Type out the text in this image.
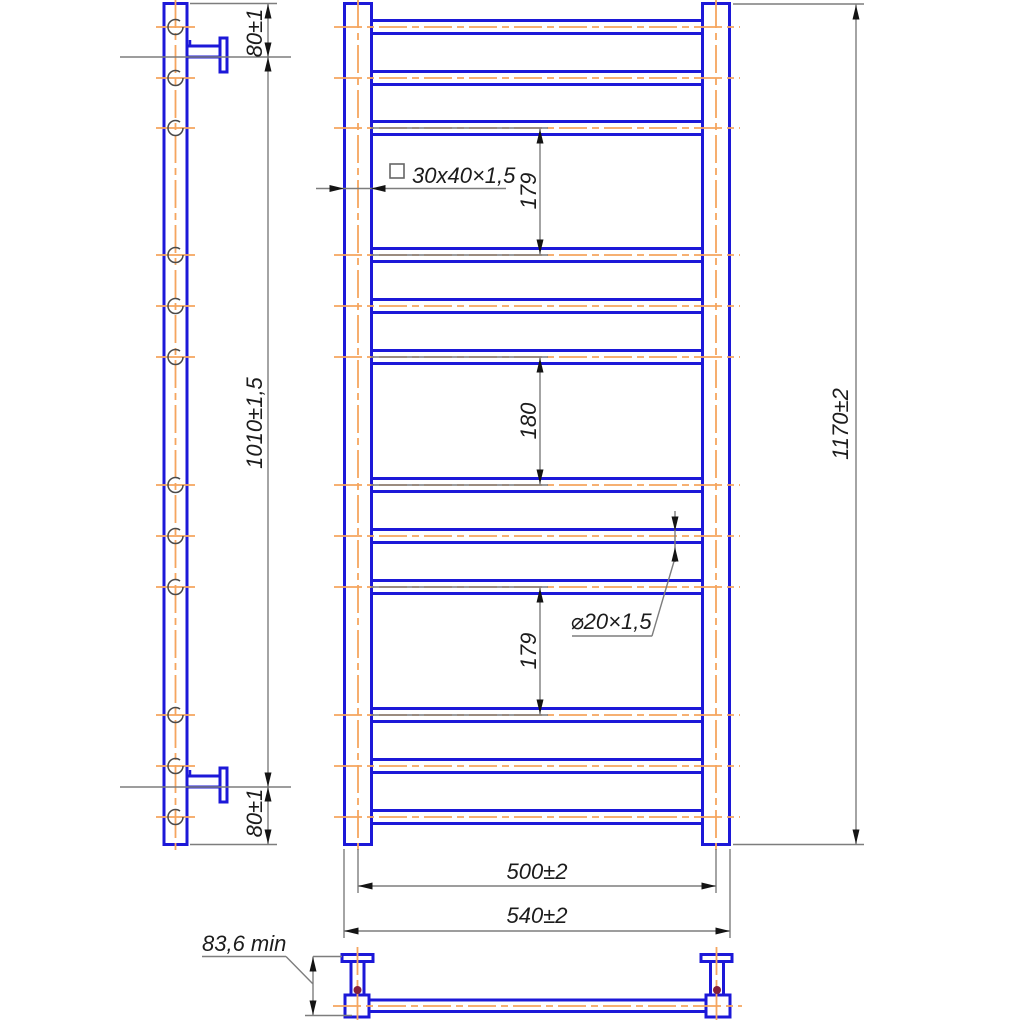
80±1
1010±1,5
80±1
30x40×1,5 179
180
179
⌀20×1,5
1170±2
500±2
540±2
83,6 min
